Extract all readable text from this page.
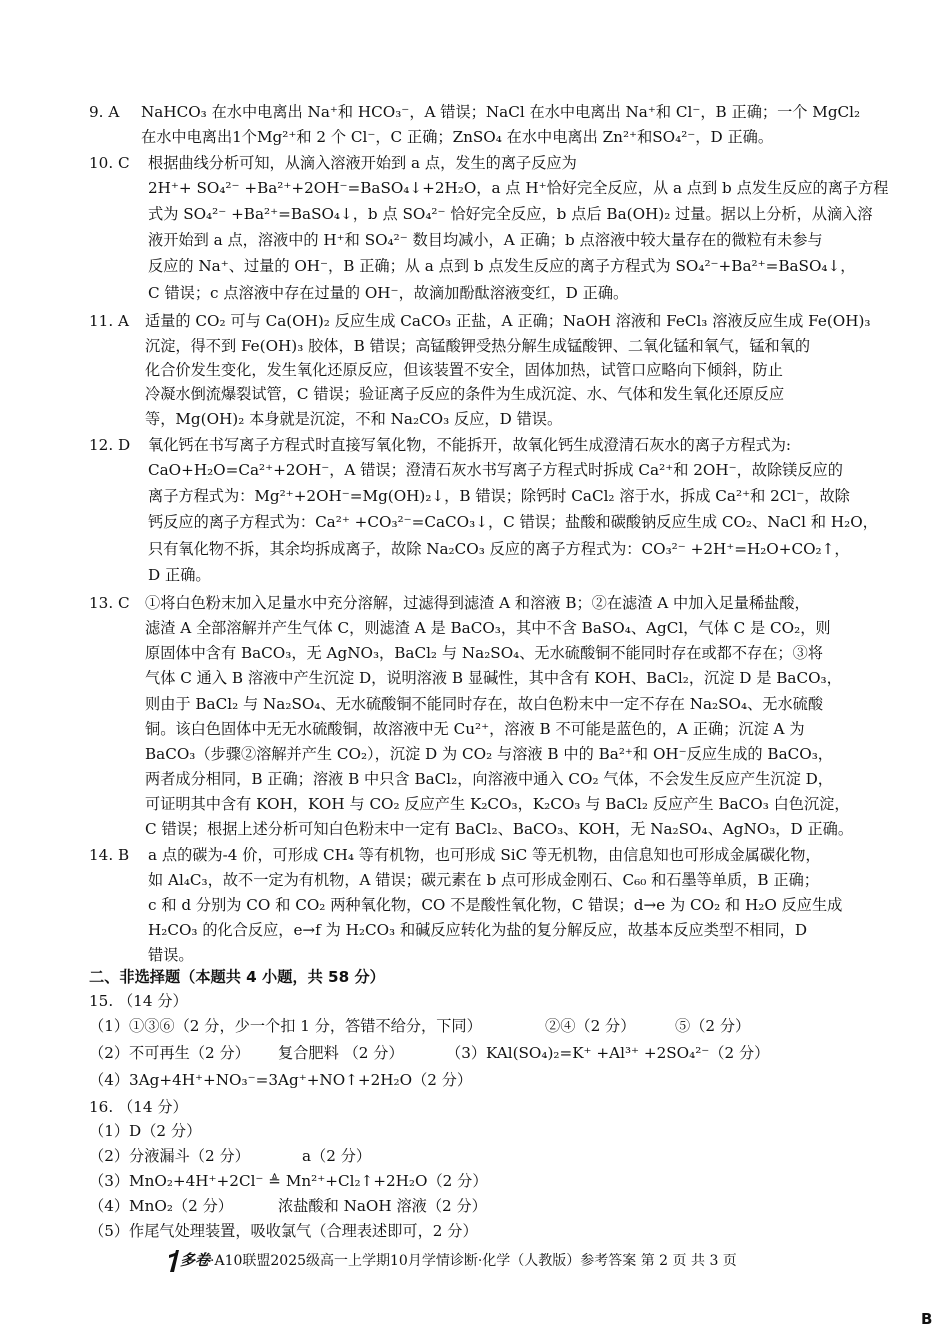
9. A NaHCO₃ 在水中电离出 Na⁺和 HCO₃⁻，A 错误；NaCl 在水中电离出 Na⁺和 Cl⁻，B 正确；一个 MgCl₂
在水中电离出1个Mg²⁺和 2 个 Cl⁻，C 正确；ZnSO₄ 在水中电离出 Zn²⁺和SO₄²⁻，D 正确。
10. C 根据曲线分析可知，从滴入溶液开始到 a 点，发生的离子反应为
2H⁺+ SO₄²⁻ +Ba²⁺+2OH⁻=BaSO₄↓+2H₂O，a 点 H⁺恰好完全反应，从 a 点到 b 点发生反应的离子方程
式为 SO₄²⁻ +Ba²⁺=BaSO₄↓，b 点 SO₄²⁻ 恰好完全反应，b 点后 Ba(OH)₂ 过量。据以上分析，从滴入溶
液开始到 a 点，溶液中的 H⁺和 SO₄²⁻ 数目均减小，A 正确；b 点溶液中较大量存在的微粒有未参与
反应的 Na⁺、过量的 OH⁻，B 正确；从 a 点到 b 点发生反应的离子方程式为 SO₄²⁻+Ba²⁺=BaSO₄↓，
C 错误；c 点溶液中存在过量的 OH⁻，故滴加酚酞溶液变红，D 正确。
11. A 适量的 CO₂ 可与 Ca(OH)₂ 反应生成 CaCO₃ 正盐，A 正确；NaOH 溶液和 FeCl₃ 溶液反应生成 Fe(OH)₃
沉淀，得不到 Fe(OH)₃ 胶体，B 错误；高锰酸钾受热分解生成锰酸钾、二氧化锰和氧气，锰和氧的
化合价发生变化，发生氧化还原反应，但该装置不安全，固体加热，试管口应略向下倾斜，防止
冷凝水倒流爆裂试管，C 错误；验证离子反应的条件为生成沉淀、水、气体和发生氧化还原反应
等，Mg(OH)₂ 本身就是沉淀，不和 Na₂CO₃ 反应，D 错误。
12. D 氧化钙在书写离子方程式时直接写氧化物，不能拆开，故氧化钙生成澄清石灰水的离子方程式为:
CaO+H₂O=Ca²⁺+2OH⁻，A 错误；澄清石灰水书写离子方程式时拆成 Ca²⁺和 2OH⁻，故除镁反应的
离子方程式为：Mg²⁺+2OH⁻=Mg(OH)₂↓，B 错误；除钙时 CaCl₂ 溶于水，拆成 Ca²⁺和 2Cl⁻，故除
钙反应的离子方程式为：Ca²⁺ +CO₃²⁻=CaCO₃↓，C 错误；盐酸和碳酸钠反应生成 CO₂、NaCl 和 H₂O，
只有氧化物不拆，其余均拆成离子，故除 Na₂CO₃ 反应的离子方程式为：CO₃²⁻ +2H⁺=H₂O+CO₂↑，
D 正确。
13. C ①将白色粉末加入足量水中充分溶解，过滤得到滤渣 A 和溶液 B；②在滤渣 A 中加入足量稀盐酸，
滤渣 A 全部溶解并产生气体 C，则滤渣 A 是 BaCO₃，其中不含 BaSO₄、AgCl，气体 C 是 CO₂，则
原固体中含有 BaCO₃，无 AgNO₃，BaCl₂ 与 Na₂SO₄、无水硫酸铜不能同时存在或都不存在；③将
气体 C 通入 B 溶液中产生沉淀 D，说明溶液 B 显碱性，其中含有 KOH、BaCl₂，沉淀 D 是 BaCO₃，
则由于 BaCl₂ 与 Na₂SO₄、无水硫酸铜不能同时存在，故白色粉末中一定不存在 Na₂SO₄、无水硫酸
铜。该白色固体中无无水硫酸铜，故溶液中无 Cu²⁺，溶液 B 不可能是蓝色的，A 正确；沉淀 A 为
BaCO₃（步骤②溶解并产生 CO₂），沉淀 D 为 CO₂ 与溶液 B 中的 Ba²⁺和 OH⁻反应生成的 BaCO₃，
两者成分相同，B 正确；溶液 B 中只含 BaCl₂，向溶液中通入 CO₂ 气体，不会发生反应产生沉淀 D，
可证明其中含有 KOH，KOH 与 CO₂ 反应产生 K₂CO₃，K₂CO₃ 与 BaCl₂ 反应产生 BaCO₃ 白色沉淀，
C 错误；根据上述分析可知白色粉末中一定有 BaCl₂、BaCO₃、KOH，无 Na₂SO₄、AgNO₃，D 正确。
14. B a 点的碳为-4 价，可形成 CH₄ 等有机物，也可形成 SiC 等无机物，由信息知也可形成金属碳化物，
如 Al₄C₃，故不一定为有机物，A 错误；碳元素在 b 点可形成金刚石、C₆₀ 和石墨等单质，B 正确；
c 和 d 分别为 CO 和 CO₂ 两种氧化物，CO 不是酸性氧化物，C 错误；d→e 为 CO₂ 和 H₂O 反应生成
H₂CO₃ 的化合反应，e→f 为 H₂CO₃ 和碱反应转化为盐的复分解反应，故基本反应类型不相同，D
错误。
二、非选择题（本题共 4 小题，共 58 分）
15. （14 分）
（1）①③⑥（2 分，少一个扣 1 分，答错不给分，下同）	②④（2 分）	⑤（2 分）
（2）不可再生（2 分） 复合肥料 （2 分）	（3）KAl(SO₄)₂=K⁺ +Al³⁺ +2SO₄²⁻（2 分）
（4）3Ag+4H⁺+NO₃⁻=3Ag⁺+NO↑+2H₂O（2 分）
16. （14 分）
（1）D（2 分）
（2）分液漏斗（2 分）	a（2 分）
（3）MnO₂+4H⁺+2Cl⁻ ≜ Mn²⁺+Cl₂↑+2H₂O（2 分）
（4）MnO₂（2 分）	浓盐酸和 NaOH 溶液（2 分）
（5）作尾气处理装置，吸收氯气（合理表述即可，2 分）
多卷·A10联盟2025级高一上学期10月学情诊断·化学（人教版）参考答案 第 2 页 共 3 页
B
